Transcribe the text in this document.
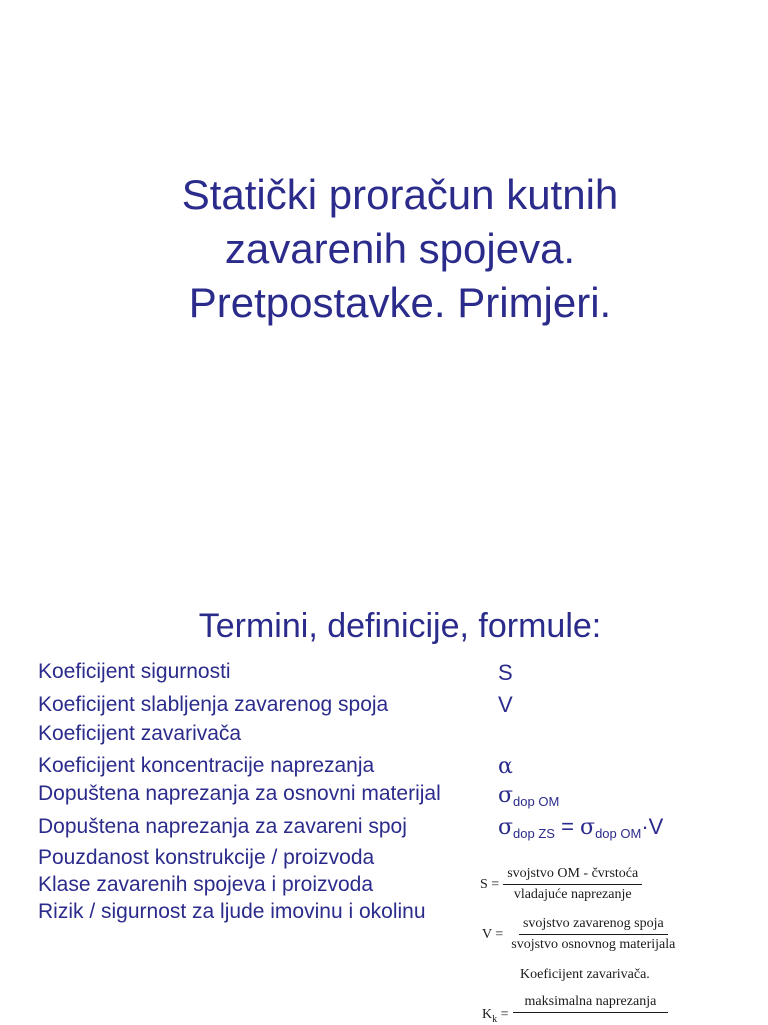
Statički proračun kutnih
zavarenih spojeva.
Pretpostavke. Primjeri.
Termini, definicije, formule:
Koeficijent sigurnosti
Koeficijent slabljenja zavarenog spoja
Koeficijent zavarivača
Koeficijent koncentracije naprezanja
Dopuštena naprezanja za osnovni materijal
Dopuštena naprezanja za zavareni spoj
Pouzdanost konstrukcije / proizvoda
Klase zavarenih spojeva i proizvoda
Rizik / sigurnost za ljude imovinu i okolinu
S
V
α
$\sigma_{dop OM}$
$\sigma_{dop ZS} = \sigma_{dop OM}\cdot V$
$S = \frac{\text{svojstvo OM - čvrstoća}}{\text{vladajuće naprezanje}}$
$V = \frac{\text{svojstvo zavarenog spoja}}{\text{svojstvo osnovnog materijala}}$
Koeficijent zavarivača.
$K_k$ =
maksimalna naprezanja
